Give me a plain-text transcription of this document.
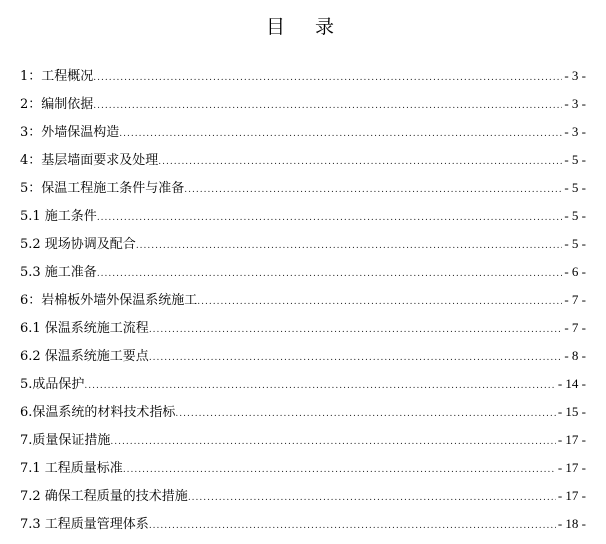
目 录
1：工程概况 .....	- 3 -
2：编制依据 .....	- 3 -
3：外墙保温构造 .....	- 3 -
4：基层墙面要求及处理 .....	- 5 -
5：保温工程施工条件与准备 .....	- 5 -
5.1 施工条件 .....	- 5 -
5.2 现场协调及配合 .....	- 5 -
5.3 施工准备 .....	- 6 -
6：岩棉板外墙外保温系统施工 .....	- 7 -
6.1 保温系统施工流程 .....	- 7 -
6.2 保温系统施工要点 .....	- 8 -
5.成品保护 .....	- 14 -
6.保温系统的材料技术指标 .....	- 15 -
7.质量保证措施 .....	- 17 -
7.1 工程质量标准 .....	- 17 -
7.2 确保工程质量的技术措施 .....	- 17 -
7.3 工程质量管理体系 .....	- 18 -
